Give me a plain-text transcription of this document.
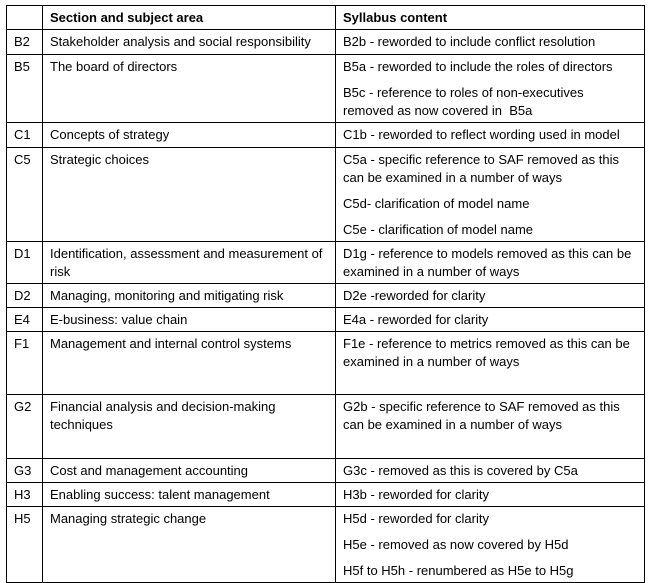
	Section and subject area	Syllabus content
B2	Stakeholder analysis and social responsibility	B2b - reworded to include conflict resolution

B5	The board of directors	B5a - reworded to include the roles of directors

B5c - reference to roles of non-executives removed as now covered in  B5a

C1	Concepts of strategy	C1b - reworded to reflect wording used in model

C5	Strategic choices	C5a - specific reference to SAF removed as this can be examined in a number of ways

C5d- clarification of model name

C5e - clarification of model name

D1	Identification, assessment and measurement of risk	D1g - reference to models removed as this can be examined in a number of ways

D2	Managing, monitoring and mitigating risk	D2e -reworded for clarity

E4	E-business: value chain	E4a - reworded for clarity

F1	Management and internal control systems	F1e - reference to metrics removed as this can be examined in a number of ways

G2	Financial analysis and decision-making techniques	G2b - specific reference to SAF removed as this can be examined in a number of ways

G3	Cost and management accounting	G3c - removed as this is covered by C5a

H3	Enabling success: talent management	H3b - reworded for clarity

H5	Managing strategic change	H5d - reworded for clarity

H5e - removed as now covered by H5d

H5f to H5h - renumbered as H5e to H5g
